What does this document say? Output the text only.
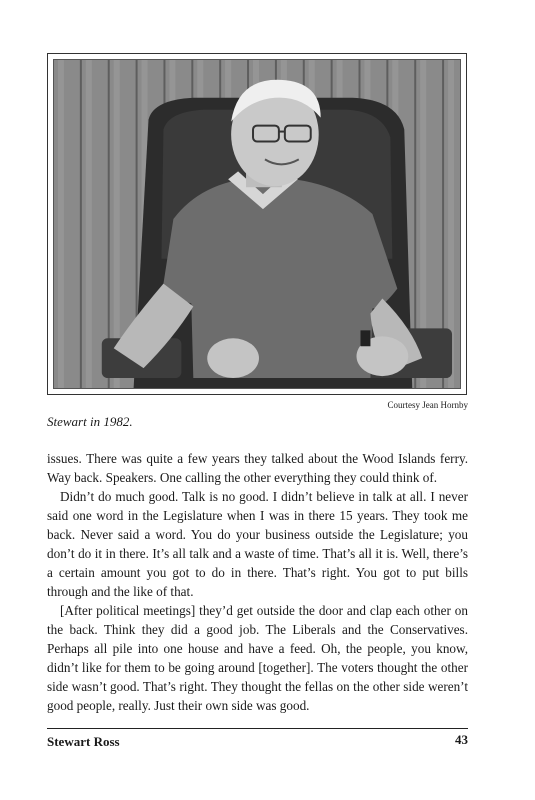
Courtesy Jean Hornby
Stewart in 1982.

issues. There was quite a few years they talked about the Wood Islands ferry. Way back. Speakers. One calling the other everything they could think of.

Didn’t do much good. Talk is no good. I didn’t believe in talk at all. I never said one word in the Legislature when I was in there 15 years. They took me back. Never said a word. You do your business outside the Legislature; you don’t do it in there. It’s all talk and a waste of time. That’s all it is. Well, there’s a certain amount you got to do in there. That’s right. You got to put bills through and the like of that.

[After political meetings] they’d get outside the door and clap each other on the back. Think they did a good job. The Liberals and the Conservatives. Perhaps all pile into one house and have a feed. Oh, the people, you know, didn’t like for them to be going around [together]. The voters thought the other side wasn’t good. That’s right. They thought the fellas on the other side weren’t good people, really. Just their own side was good.

Stewart Ross	43
